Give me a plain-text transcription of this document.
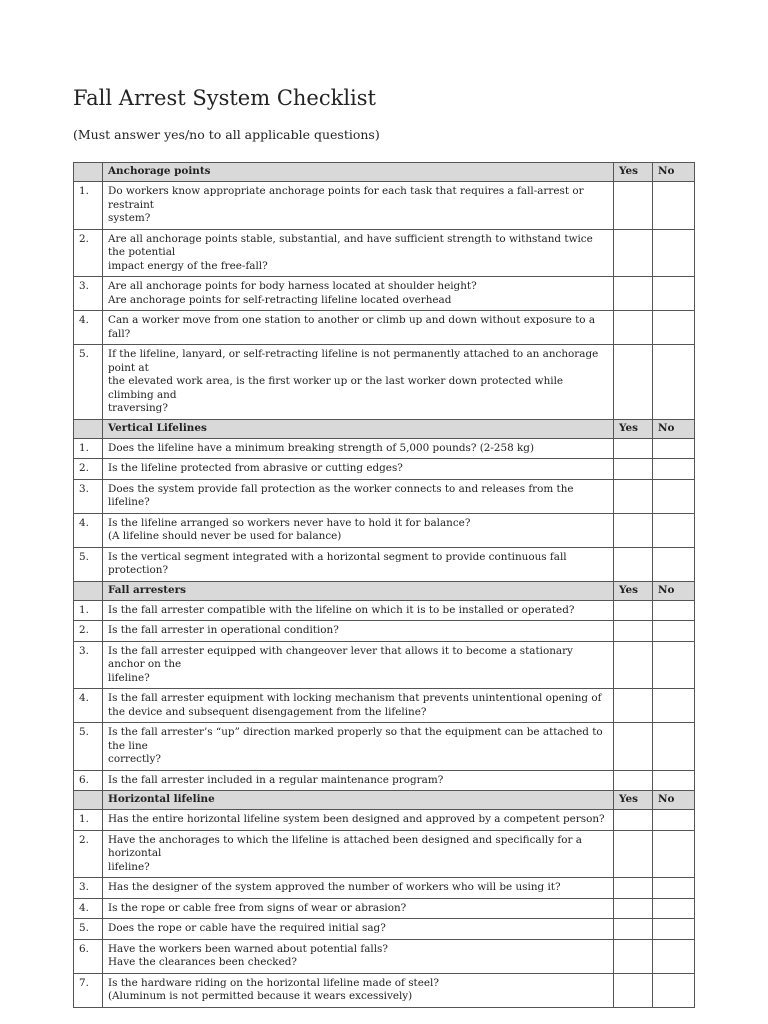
Fall Arrest System Checklist

(Must answer yes/no to all applicable questions)

	Anchorage points	Yes	No
1.	Do workers know appropriate anchorage points for each task that requires a fall-arrest or restraint
system?		
2.	Are all anchorage points stable, substantial, and have sufficient strength to withstand twice the potential
impact energy of the free-fall?		
3.	Are all anchorage points for body harness located at shoulder height?
Are anchorage points for self-retracting lifeline located overhead		
4.	Can a worker move from one station to another or climb up and down without exposure to a fall?		
5.	If the lifeline, lanyard, or self-retracting lifeline is not permanently attached to an anchorage point at
the elevated work area, is the first worker up or the last worker down protected while climbing and
traversing?		
	Vertical Lifelines	Yes	No
1.	Does the lifeline have a minimum breaking strength of 5,000 pounds? (2-258 kg)		
2.	Is the lifeline protected from abrasive or cutting edges?		
3.	Does the system provide fall protection as the worker connects to and releases from the lifeline?		
4.	Is the lifeline arranged so workers never have to hold it for balance?
(A lifeline should never be used for balance)		
5.	Is the vertical segment integrated with a horizontal segment to provide continuous fall protection?		
	Fall arresters	Yes	No
1.	Is the fall arrester compatible with the lifeline on which it is to be installed or operated?		
2.	Is the fall arrester in operational condition?		
3.	Is the fall arrester equipped with changeover lever that allows it to become a stationary anchor on the
lifeline?		
4.	Is the fall arrester equipment with locking mechanism that prevents unintentional opening of
the device and subsequent disengagement from the lifeline?		
5.	Is the fall arrester’s “up” direction marked properly so that the equipment can be attached to the line
correctly?		
6.	Is the fall arrester included in a regular maintenance program?		
	Horizontal lifeline	Yes	No
1.	Has the entire horizontal lifeline system been designed and approved by a competent person?		
2.	Have the anchorages to which the lifeline is attached been designed and specifically for a horizontal
lifeline?		
3.	Has the designer of the system approved the number of workers who will be using it?		
4.	Is the rope or cable free from signs of wear or abrasion?		
5.	Does the rope or cable have the required initial sag?		
6.	Have the workers been warned about potential falls?
Have the clearances been checked?		
7.	Is the hardware riding on the horizontal lifeline made of steel?
(Aluminum is not permitted because it wears excessively)		
